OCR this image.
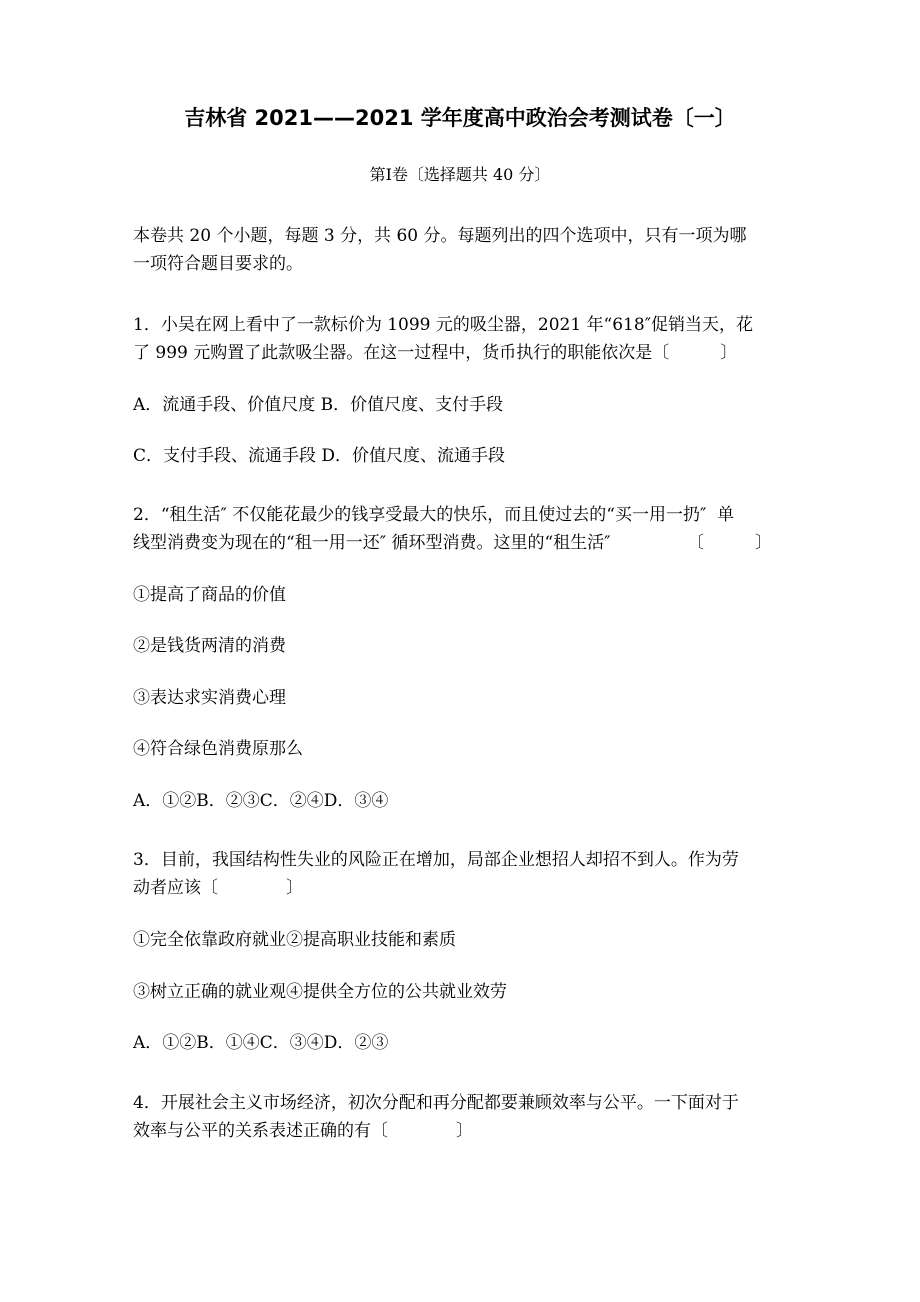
吉林省 2021——2021 学年度高中政治会考测试卷〔一〕
第Ⅰ卷〔选择题共 40 分〕
本卷共 20 个小题，每题 3 分，共 60 分。每题列出的四个选项中，只有一项为哪
一项符合题目要求的。
1．小吴在网上看中了一款标价为 1099 元的吸尘器，2021 年“618″促销当天，花
了 999 元购置了此款吸尘器。在这一过程中，货币执行的职能依次是〔　　　〕
A．流通手段、价值尺度 B．价值尺度、支付手段
C．支付手段、流通手段 D．价值尺度、流通手段
2．“租生活″ 不仅能花最少的钱享受最大的快乐，而且使过去的“买一用一扔″  单
线型消费变为现在的“租一用一还″ 循环型消费。这里的“租生活″　　　　　〔　　　〕
①提高了商品的价值
②是钱货两清的消费
③表达求实消费心理
④符合绿色消费原那么
A．①②B．②③C．②④D．③④
3．目前，我国结构性失业的风险正在增加，局部企业想招人却招不到人。作为劳
动者应该〔　　　　〕
①完全依靠政府就业②提高职业技能和素质
③树立正确的就业观④提供全方位的公共就业效劳
A．①②B．①④C．③④D．②③
4．开展社会主义市场经济，初次分配和再分配都要兼顾效率与公平。一下面对于
效率与公平的关系表述正确的有〔　　　　〕
